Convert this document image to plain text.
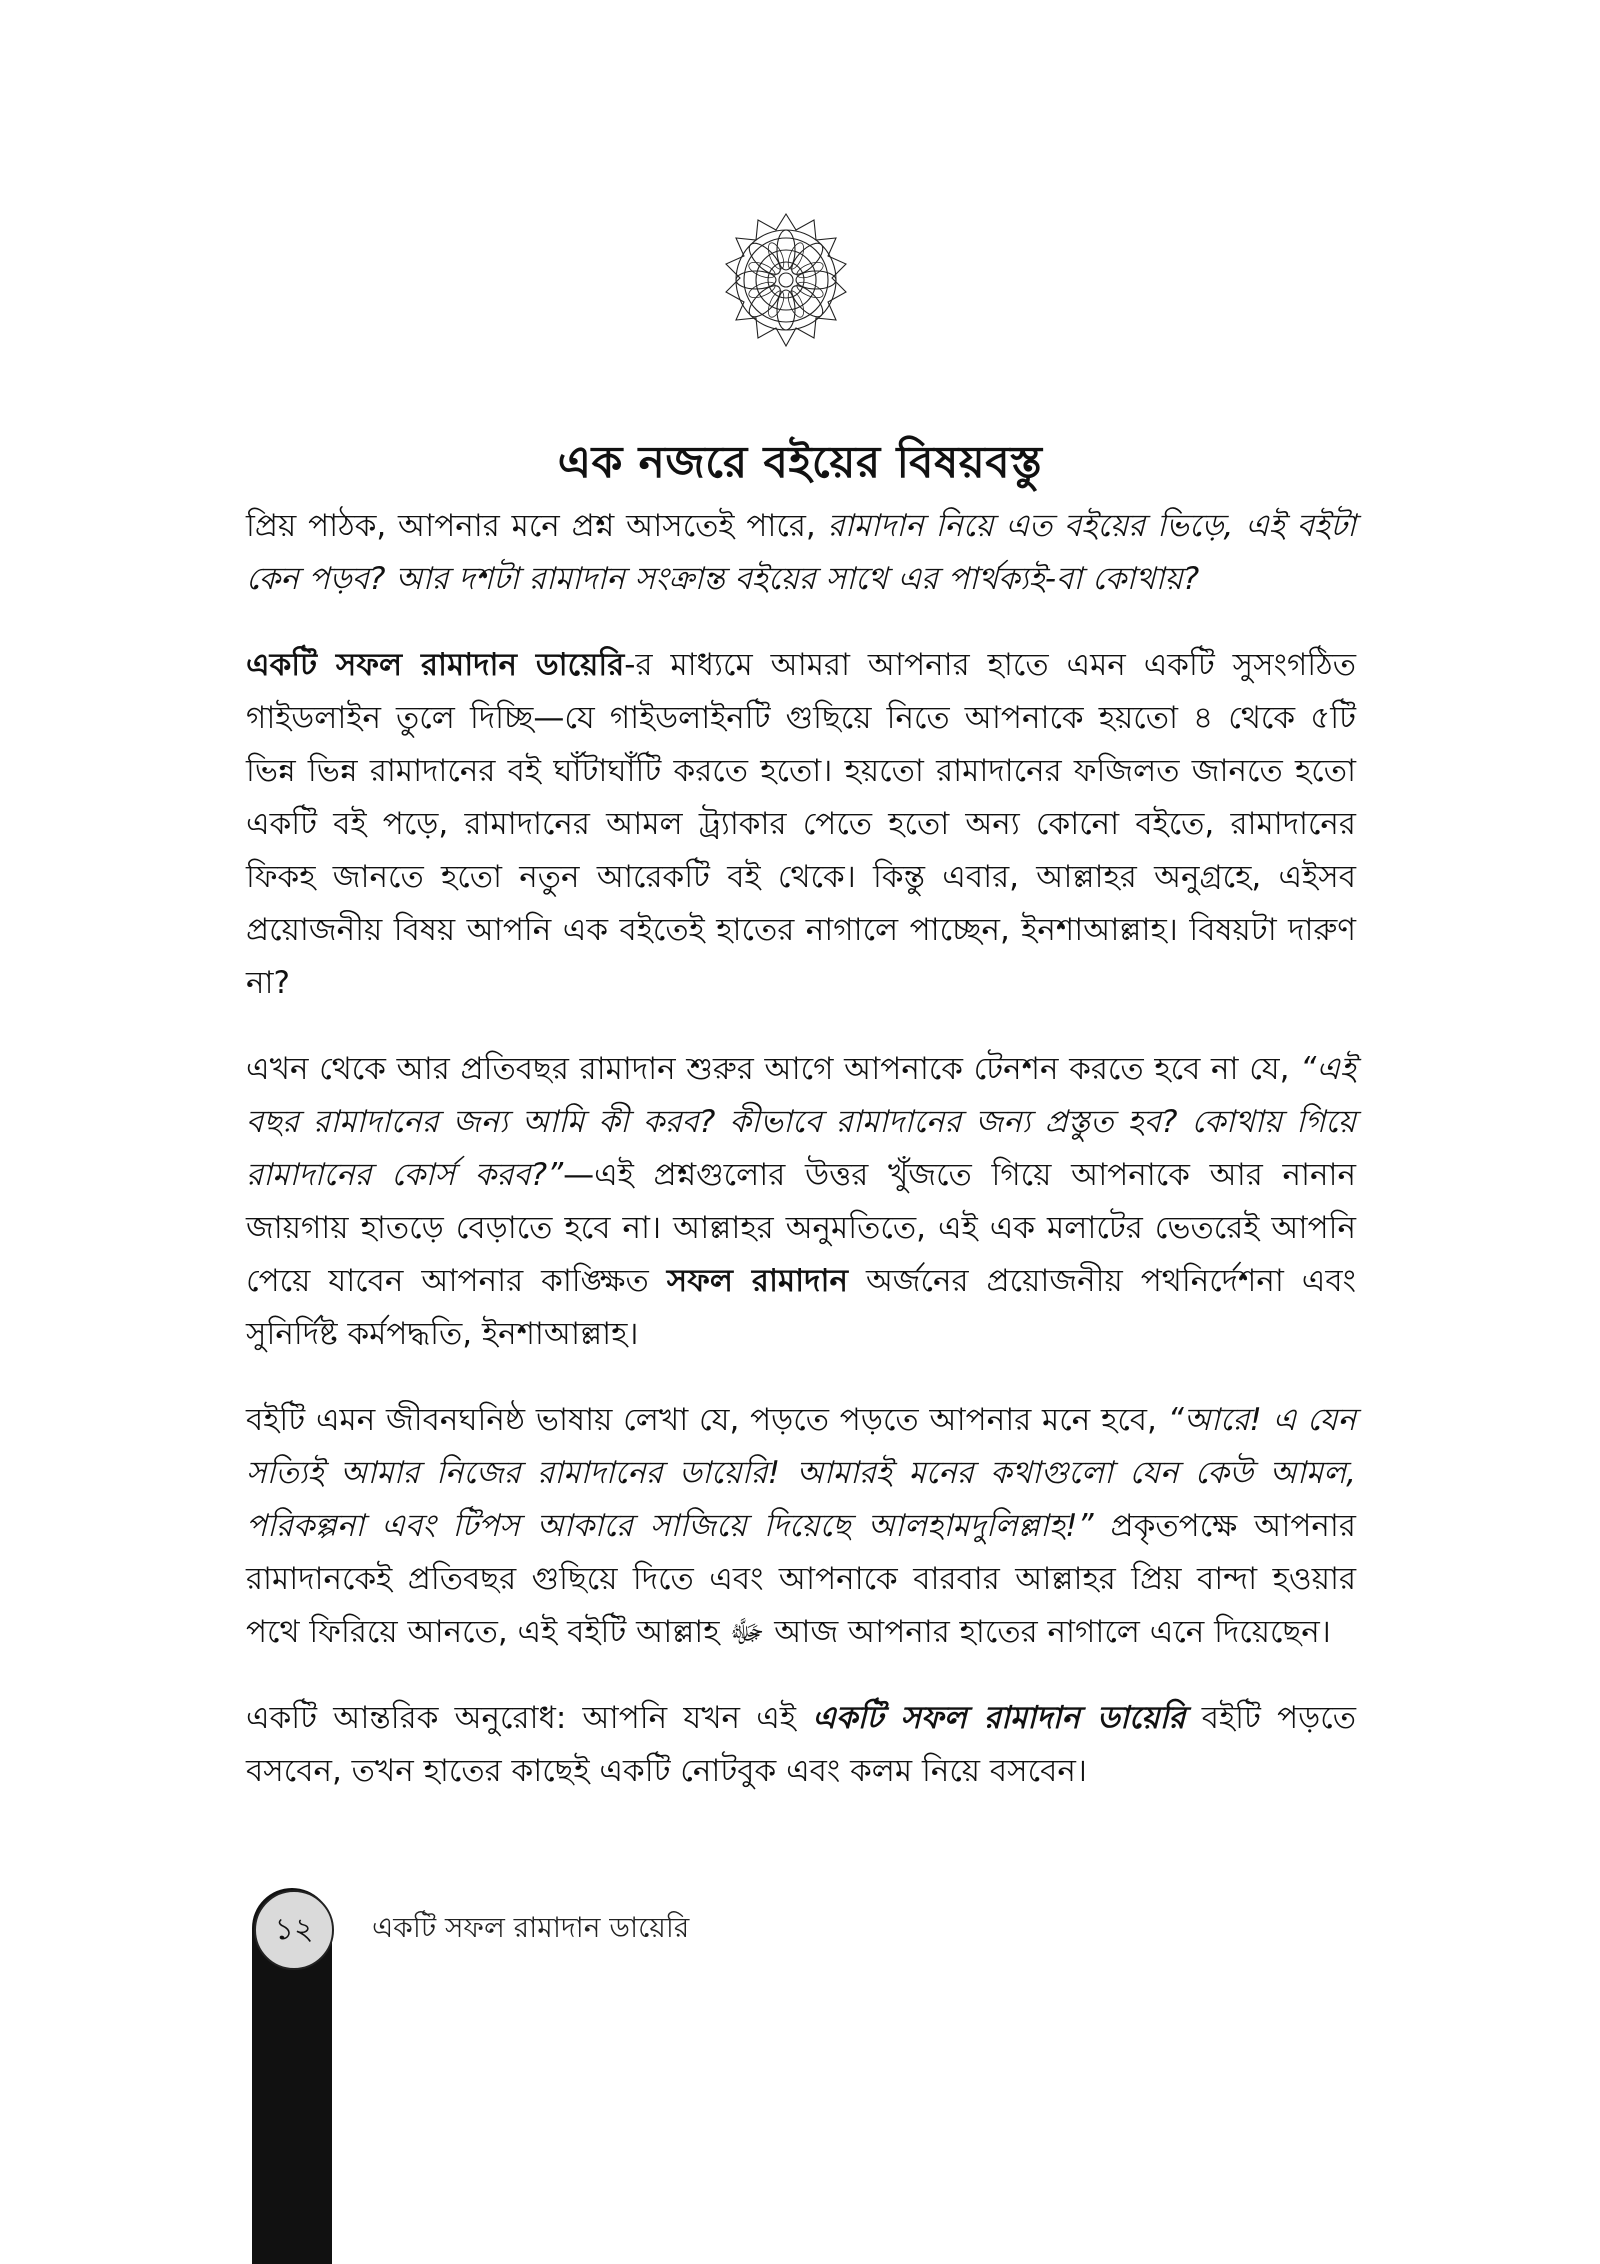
এক নজরে বইয়ের বিষয়বস্তু

প্রিয় পাঠক, আপনার মনে প্রশ্ন আসতেই পারে, রামাদান নিয়ে এত বইয়ের ভিড়ে, এই বইটা কেন পড়ব? আর দশটা রামাদান সংক্রান্ত বইয়ের সাথে এর পার্থক্যই-বা কোথায়?

একটি সফল রামাদান ডায়েরি-র মাধ্যমে আমরা আপনার হাতে এমন একটি সুসংগঠিত গাইডলাইন তুলে দিচ্ছি—যে গাইডলাইনটি গুছিয়ে নিতে আপনাকে হয়তো ৪ থেকে ৫টি ভিন্ন ভিন্ন রামাদানের বই ঘাঁটাঘাঁটি করতে হতো। হয়তো রামাদানের ফজিলত জানতে হতো একটি বই পড়ে, রামাদানের আমল ট্র্যাকার পেতে হতো অন্য কোনো বইতে, রামাদানের ফিকহ জানতে হতো নতুন আরেকটি বই থেকে। কিন্তু এবার, আল্লাহর অনুগ্রহে, এইসব প্রয়োজনীয় বিষয় আপনি এক বইতেই হাতের নাগালে পাচ্ছেন, ইনশাআল্লাহ। বিষয়টা দারুণ না?

এখন থেকে আর প্রতিবছর রামাদান শুরুর আগে আপনাকে টেনশন করতে হবে না যে, “এই বছর রামাদানের জন্য আমি কী করব? কীভাবে রামাদানের জন্য প্রস্তুত হব? কোথায় গিয়ে রামাদানের কোর্স করব?”—এই প্রশ্নগুলোর উত্তর খুঁজতে গিয়ে আপনাকে আর নানান জায়গায় হাতড়ে বেড়াতে হবে না। আল্লাহর অনুমতিতে, এই এক মলাটের ভেতরেই আপনি পেয়ে যাবেন আপনার কাঙ্ক্ষিত সফল রামাদান অর্জনের প্রয়োজনীয় পথনির্দেশনা এবং সুনির্দিষ্ট কর্মপদ্ধতি, ইনশাআল্লাহ।

বইটি এমন জীবনঘনিষ্ঠ ভাষায় লেখা যে, পড়তে পড়তে আপনার মনে হবে, “আরে! এ যেন সত্যিই আমার নিজের রামাদানের ডায়েরি! আমারই মনের কথাগুলো যেন কেউ আমল, পরিকল্পনা এবং টিপস আকারে সাজিয়ে দিয়েছে আলহামদুলিল্লাহ!” প্রকৃতপক্ষে আপনার রামাদানকেই প্রতিবছর গুছিয়ে দিতে এবং আপনাকে বারবার আল্লাহর প্রিয় বান্দা হওয়ার পথে ফিরিয়ে আনতে, এই বইটি আল্লাহ ﷻ আজ আপনার হাতের নাগালে এনে দিয়েছেন।

একটি আন্তরিক অনুরোধ: আপনি যখন এই একটি সফল রামাদান ডায়েরি বইটি পড়তে বসবেন, তখন হাতের কাছেই একটি নোটবুক এবং কলম নিয়ে বসবেন।

১২ একটি সফল রামাদান ডায়েরি
